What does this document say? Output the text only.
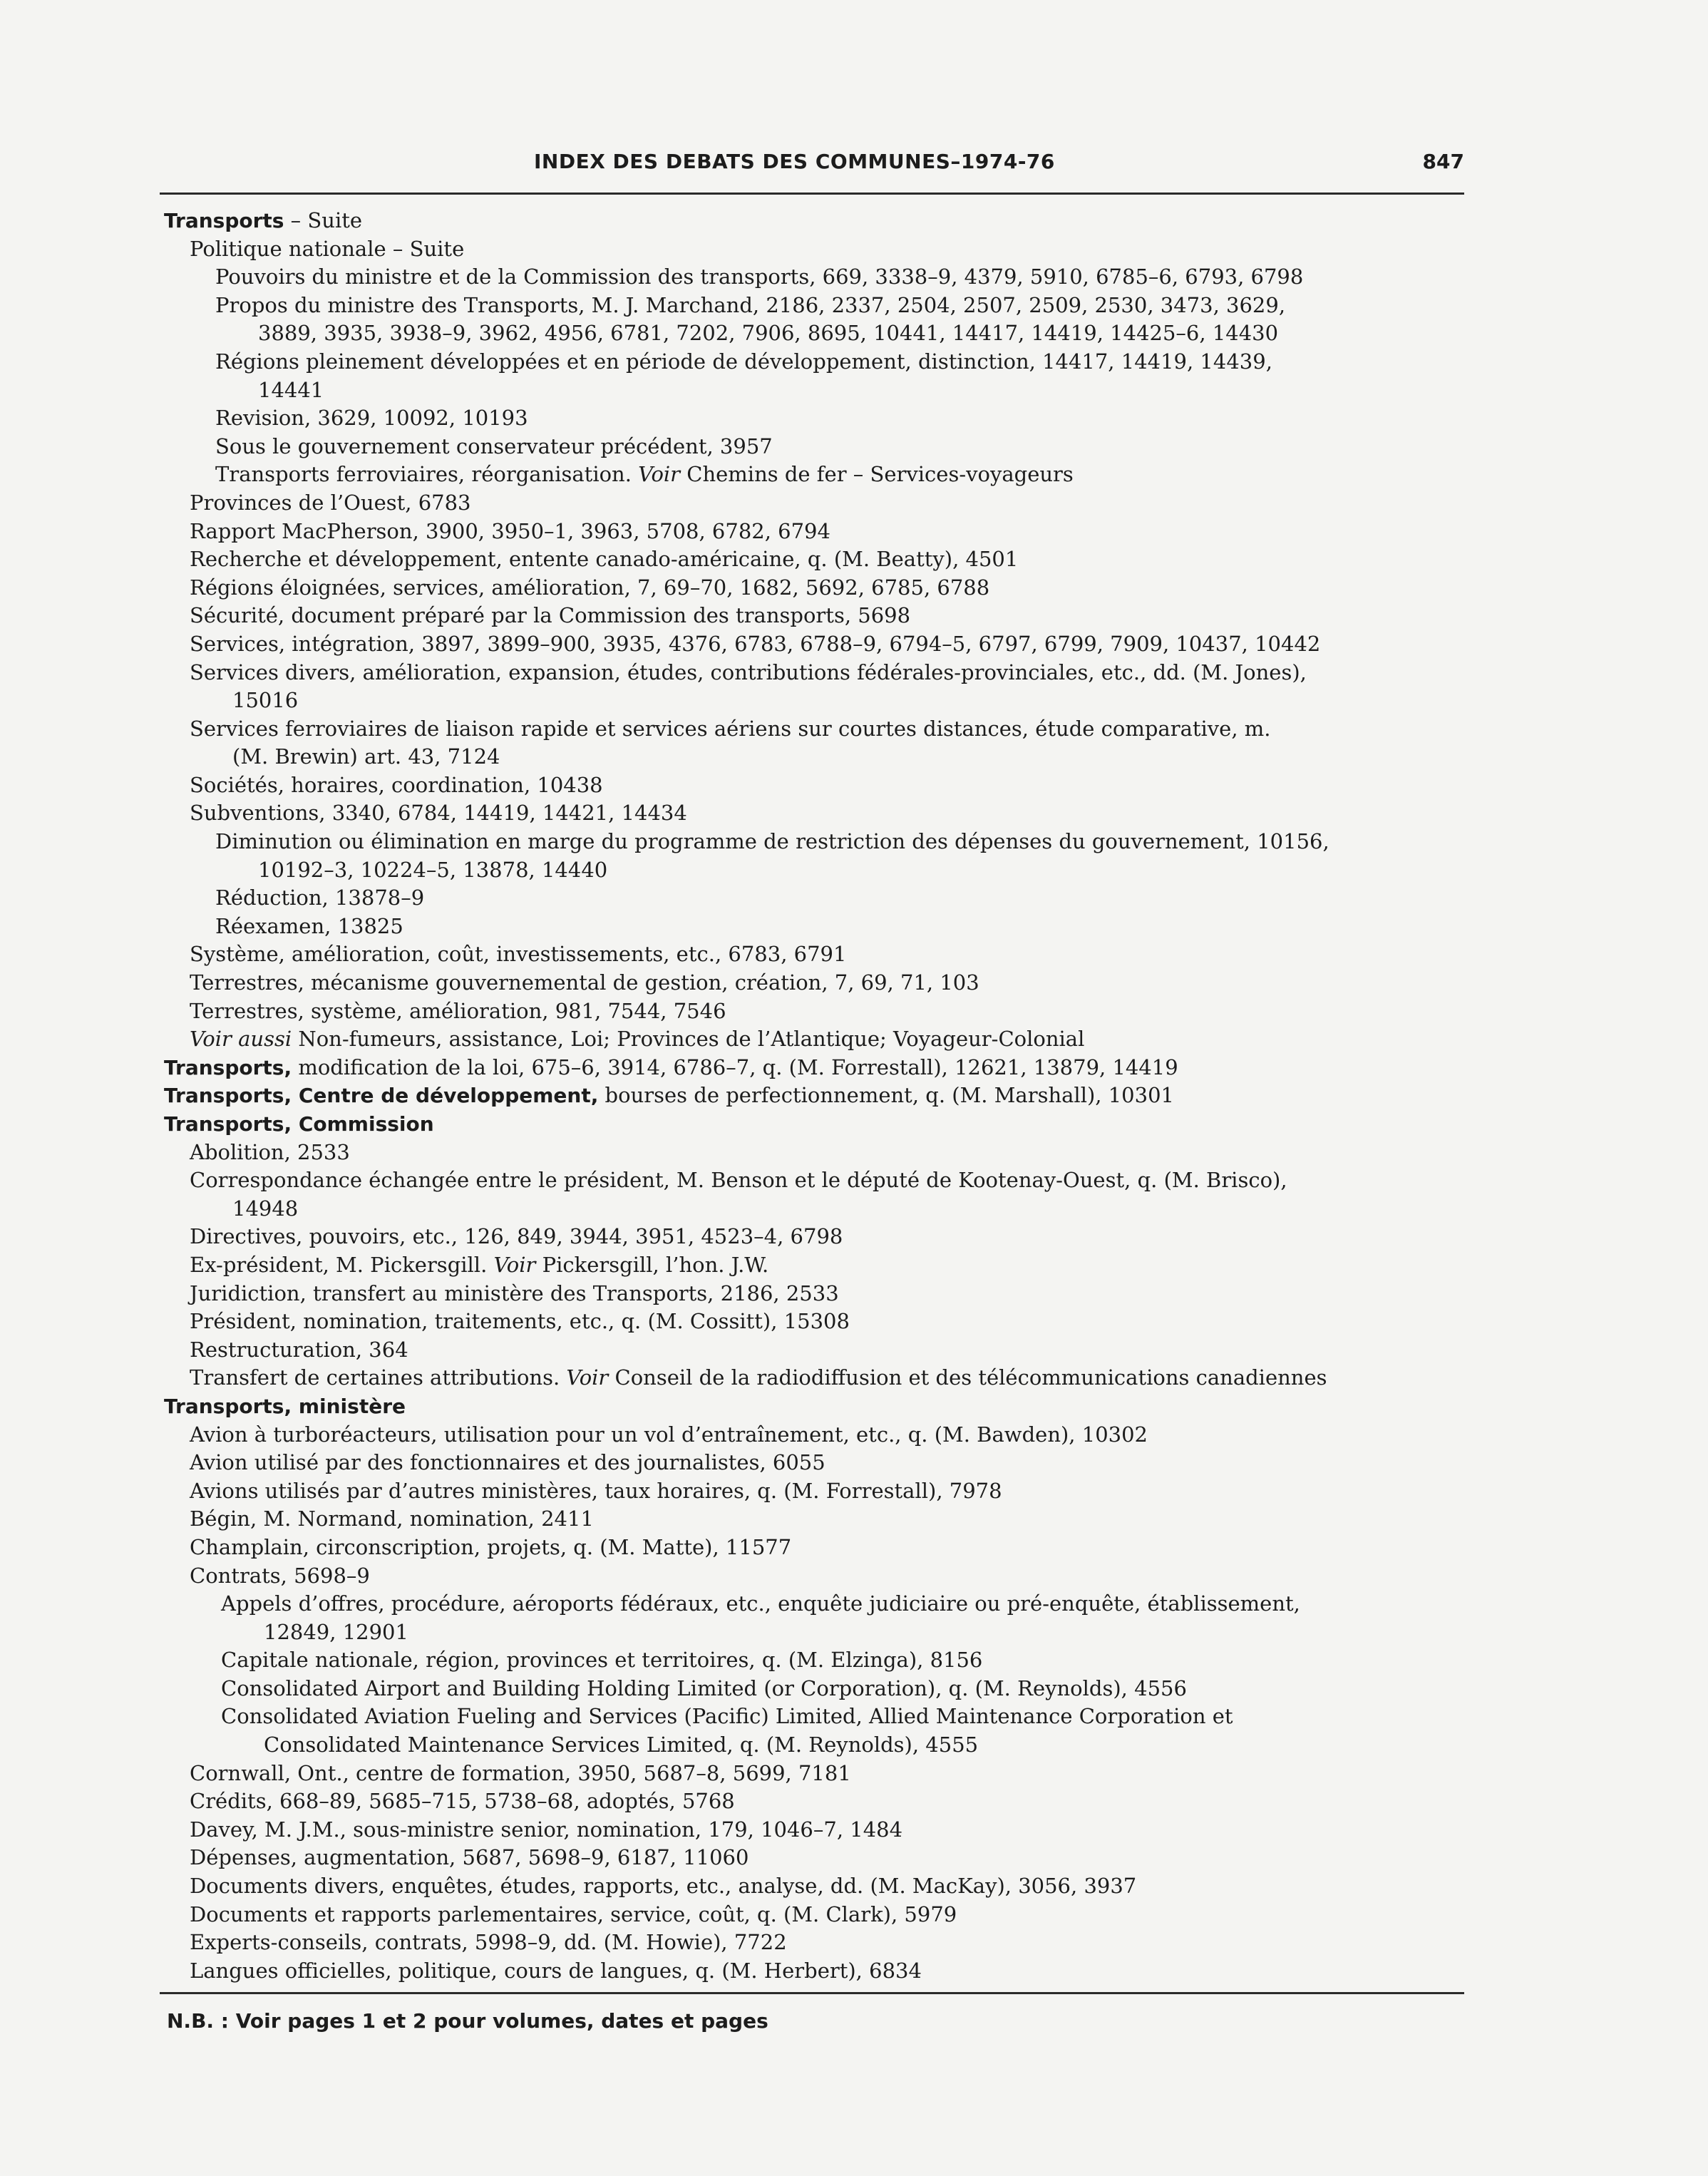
INDEX DES DEBATS DES COMMUNES–1974-76	847
Transports – Suite
Politique nationale – Suite
Pouvoirs du ministre et de la Commission des transports, 669, 3338–9, 4379, 5910, 6785–6, 6793, 6798
Propos du ministre des Transports, M. J. Marchand, 2186, 2337, 2504, 2507, 2509, 2530, 3473, 3629,
3889, 3935, 3938–9, 3962, 4956, 6781, 7202, 7906, 8695, 10441, 14417, 14419, 14425–6, 14430
Régions pleinement développées et en période de développement, distinction, 14417, 14419, 14439,
14441
Revision, 3629, 10092, 10193
Sous le gouvernement conservateur précédent, 3957
Transports ferroviaires, réorganisation. Voir Chemins de fer – Services-voyageurs
Provinces de l’Ouest, 6783
Rapport MacPherson, 3900, 3950–1, 3963, 5708, 6782, 6794
Recherche et développement, entente canado-américaine, q. (M. Beatty), 4501
Régions éloignées, services, amélioration, 7, 69–70, 1682, 5692, 6785, 6788
Sécurité, document préparé par la Commission des transports, 5698
Services, intégration, 3897, 3899–900, 3935, 4376, 6783, 6788–9, 6794–5, 6797, 6799, 7909, 10437, 10442
Services divers, amélioration, expansion, études, contributions fédérales-provinciales, etc., dd. (M. Jones),
15016
Services ferroviaires de liaison rapide et services aériens sur courtes distances, étude comparative, m.
(M. Brewin) art. 43, 7124
Sociétés, horaires, coordination, 10438
Subventions, 3340, 6784, 14419, 14421, 14434
Diminution ou élimination en marge du programme de restriction des dépenses du gouvernement, 10156,
10192–3, 10224–5, 13878, 14440
Réduction, 13878–9
Réexamen, 13825
Système, amélioration, coût, investissements, etc., 6783, 6791
Terrestres, mécanisme gouvernemental de gestion, création, 7, 69, 71, 103
Terrestres, système, amélioration, 981, 7544, 7546
Voir aussi Non-fumeurs, assistance, Loi; Provinces de l’Atlantique; Voyageur-Colonial
Transports, modification de la loi, 675–6, 3914, 6786–7, q. (M. Forrestall), 12621, 13879, 14419
Transports, Centre de développement, bourses de perfectionnement, q. (M. Marshall), 10301
Transports, Commission
Abolition, 2533
Correspondance échangée entre le président, M. Benson et le député de Kootenay-Ouest, q. (M. Brisco),
14948
Directives, pouvoirs, etc., 126, 849, 3944, 3951, 4523–4, 6798
Ex-président, M. Pickersgill. Voir Pickersgill, l’hon. J.W.
Juridiction, transfert au ministère des Transports, 2186, 2533
Président, nomination, traitements, etc., q. (M. Cossitt), 15308
Restructuration, 364
Transfert de certaines attributions. Voir Conseil de la radiodiffusion et des télécommunications canadiennes
Transports, ministère
Avion à turboréacteurs, utilisation pour un vol d’entraînement, etc., q. (M. Bawden), 10302
Avion utilisé par des fonctionnaires et des journalistes, 6055
Avions utilisés par d’autres ministères, taux horaires, q. (M. Forrestall), 7978
Bégin, M. Normand, nomination, 2411
Champlain, circonscription, projets, q. (M. Matte), 11577
Contrats, 5698–9
Appels d’offres, procédure, aéroports fédéraux, etc., enquête judiciaire ou pré-enquête, établissement,
12849, 12901
Capitale nationale, région, provinces et territoires, q. (M. Elzinga), 8156
Consolidated Airport and Building Holding Limited (or Corporation), q. (M. Reynolds), 4556
Consolidated Aviation Fueling and Services (Pacific) Limited, Allied Maintenance Corporation et
Consolidated Maintenance Services Limited, q. (M. Reynolds), 4555
Cornwall, Ont., centre de formation, 3950, 5687–8, 5699, 7181
Crédits, 668–89, 5685–715, 5738–68, adoptés, 5768
Davey, M. J.M., sous-ministre senior, nomination, 179, 1046–7, 1484
Dépenses, augmentation, 5687, 5698–9, 6187, 11060
Documents divers, enquêtes, études, rapports, etc., analyse, dd. (M. MacKay), 3056, 3937
Documents et rapports parlementaires, service, coût, q. (M. Clark), 5979
Experts-conseils, contrats, 5998–9, dd. (M. Howie), 7722
Langues officielles, politique, cours de langues, q. (M. Herbert), 6834
N.B. : Voir pages 1 et 2 pour volumes, dates et pages
